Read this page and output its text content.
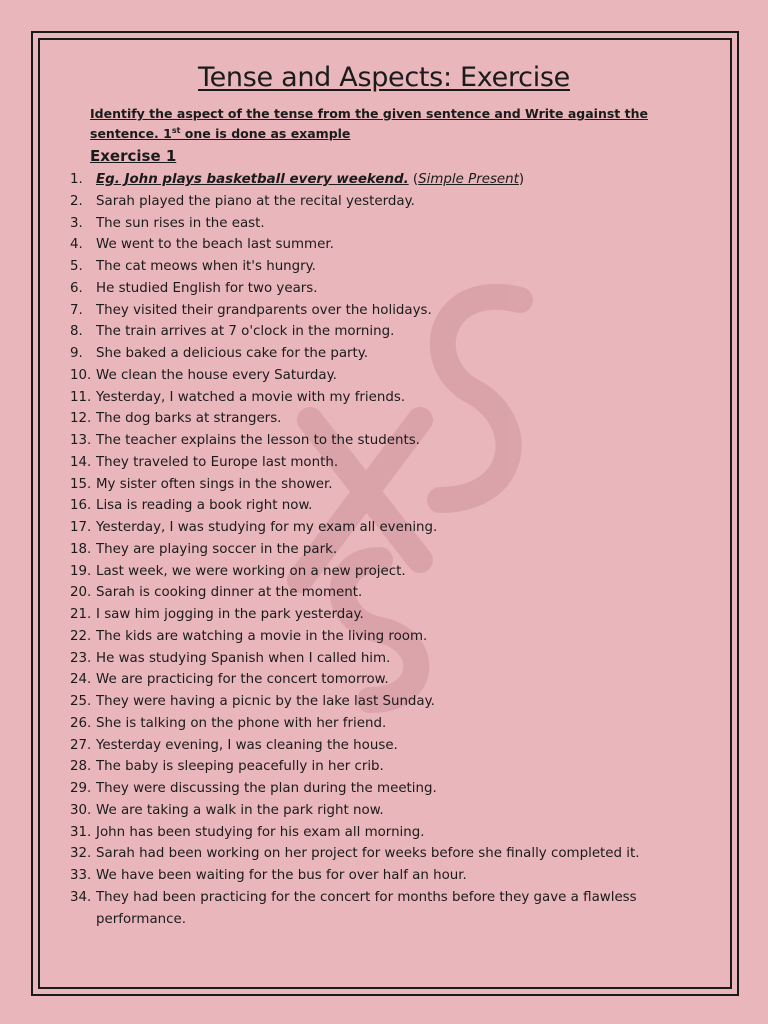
Tense and Aspects: Exercise
Identify the aspect of the tense from the given sentence and Write against the sentence. 1st one is done as example
Exercise 1
1. Eg. John plays basketball every weekend. (Simple Present)
2. Sarah played the piano at the recital yesterday.
3. The sun rises in the east.
4. We went to the beach last summer.
5. The cat meows when it's hungry.
6. He studied English for two years.
7. They visited their grandparents over the holidays.
8. The train arrives at 7 o'clock in the morning.
9. She baked a delicious cake for the party.
10. We clean the house every Saturday.
11. Yesterday, I watched a movie with my friends.
12. The dog barks at strangers.
13. The teacher explains the lesson to the students.
14. They traveled to Europe last month.
15. My sister often sings in the shower.
16. Lisa is reading a book right now.
17. Yesterday, I was studying for my exam all evening.
18. They are playing soccer in the park.
19. Last week, we were working on a new project.
20. Sarah is cooking dinner at the moment.
21. I saw him jogging in the park yesterday.
22. The kids are watching a movie in the living room.
23. He was studying Spanish when I called him.
24. We are practicing for the concert tomorrow.
25. They were having a picnic by the lake last Sunday.
26. She is talking on the phone with her friend.
27. Yesterday evening, I was cleaning the house.
28. The baby is sleeping peacefully in her crib.
29. They were discussing the plan during the meeting.
30. We are taking a walk in the park right now.
31. John has been studying for his exam all morning.
32. Sarah had been working on her project for weeks before she finally completed it.
33. We have been waiting for the bus for over half an hour.
34. They had been practicing for the concert for months before they gave a flawless performance.
